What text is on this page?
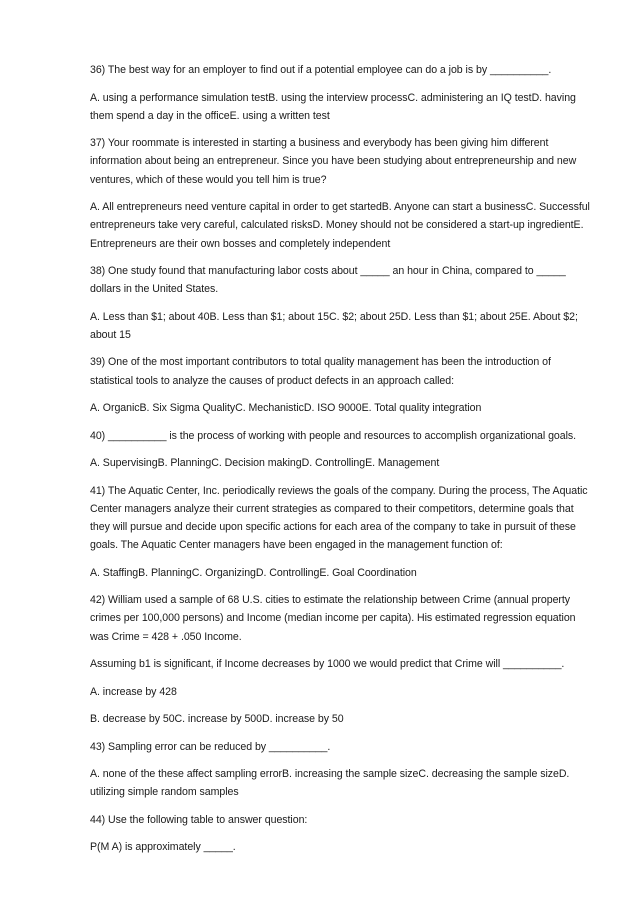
36) The best way for an employer to find out if a potential employee can do a job is by __________.

A. using a performance simulation testB. using the interview processC. administering an IQ testD. having them spend a day in the officeE. using a written test

37) Your roommate is interested in starting a business and everybody has been giving him different information about being an entrepreneur. Since you have been studying about entrepreneurship and new ventures, which of these would you tell him is true?

A. All entrepreneurs need venture capital in order to get startedB. Anyone can start a businessC. Successful entrepreneurs take very careful, calculated risksD. Money should not be considered a start-up ingredientE. Entrepreneurs are their own bosses and completely independent

38) One study found that manufacturing labor costs about _____ an hour in China, compared to _____ dollars in the United States.

A. Less than $1; about 40B. Less than $1; about 15C. $2; about 25D. Less than $1; about 25E. About $2; about 15

39) One of the most important contributors to total quality management has been the introduction of statistical tools to analyze the causes of product defects in an approach called:

A. OrganicB. Six Sigma QualityC. MechanisticD. ISO 9000E. Total quality integration

40) __________ is the process of working with people and resources to accomplish organizational goals.

A. SupervisingB. PlanningC. Decision makingD. ControllingE. Management

41) The Aquatic Center, Inc. periodically reviews the goals of the company. During the process, The Aquatic Center managers analyze their current strategies as compared to their competitors, determine goals that they will pursue and decide upon specific actions for each area of the company to take in pursuit of these goals. The Aquatic Center managers have been engaged in the management function of:

A. StaffingB. PlanningC. OrganizingD. ControllingE. Goal Coordination

42) William used a sample of 68 U.S. cities to estimate the relationship between Crime (annual property crimes per 100,000 persons) and Income (median income per capita). His estimated regression equation was Crime = 428 + .050 Income.

Assuming b1 is significant, if Income decreases by 1000 we would predict that Crime will __________.

A. increase by 428

B. decrease by 50C. increase by 500D. increase by 50

43) Sampling error can be reduced by __________.

A. none of the these affect sampling errorB. increasing the sample sizeC. decreasing the sample sizeD. utilizing simple random samples

44) Use the following table to answer question:

P(M A) is approximately _____.
